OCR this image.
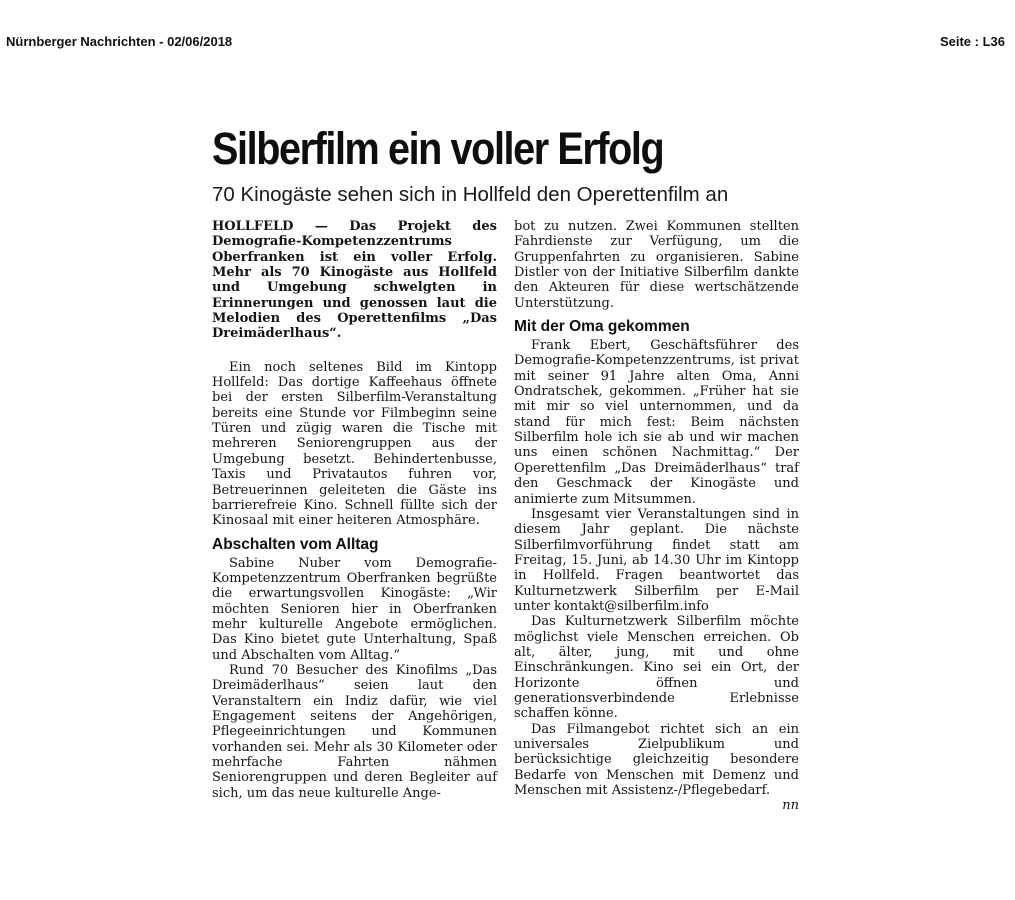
Nürnberger Nachrichten - 02/06/2018	Seite : L36
Silberfilm ein voller Erfolg
70 Kinogäste sehen sich in Hollfeld den Operettenfilm an

HOLLFELD — Das Projekt des Demografie-Kompetenzzentrums Oberfranken ist ein voller Erfolg. Mehr als 70 Kinogäste aus Hollfeld und Umgebung schwelgten in Erinnerungen und genossen laut die Melodien des Operettenfilms „Das Dreimäderlhaus“.

Ein noch seltenes Bild im Kintopp Hollfeld: Das dortige Kaffeehaus öffnete bei der ersten Silberfilm-Veranstaltung bereits eine Stunde vor Filmbeginn seine Türen und zügig waren die Tische mit mehreren Seniorengruppen aus der Umgebung besetzt. Behindertenbusse, Taxis und Privatautos fuhren vor, Betreuerinnen geleiteten die Gäste ins barrierefreie Kino. Schnell füllte sich der Kinosaal mit einer heiteren Atmosphäre.

Abschalten vom Alltag

Sabine Nuber vom Demografie-Kompetenzzentrum Oberfranken begrüßte die erwartungsvollen Kinogäste: „Wir möchten Senioren hier in Oberfranken mehr kulturelle Angebote ermöglichen. Das Kino bietet gute Unterhaltung, Spaß und Abschalten vom Alltag.“

Rund 70 Besucher des Kinofilms „Das Dreimäderlhaus“ seien laut den Veranstaltern ein Indiz dafür, wie viel Engagement seitens der Angehörigen, Pflegeeinrichtungen und Kommunen vorhanden sei. Mehr als 30 Kilometer oder mehrfache Fahrten nähmen Seniorengruppen und deren Begleiter auf sich, um das neue kulturelle Ange-

bot zu nutzen. Zwei Kommunen stellten Fahrdienste zur Verfügung, um die Gruppenfahrten zu organisieren. Sabine Distler von der Initiative Silberfilm dankte den Akteuren für diese wertschätzende Unterstützung.

Mit der Oma gekommen

Frank Ebert, Geschäftsführer des Demografie-Kompetenzzentrums, ist privat mit seiner 91 Jahre alten Oma, Anni Ondratschek, gekommen. „Früher hat sie mit mir so viel unternommen, und da stand für mich fest: Beim nächsten Silberfilm hole ich sie ab und wir machen uns einen schönen Nachmittag.“ Der Operettenfilm „Das Dreimäderlhaus“ traf den Geschmack der Kinogäste und animierte zum Mitsummen.

Insgesamt vier Veranstaltungen sind in diesem Jahr geplant. Die nächste Silberfilmvorführung findet statt am Freitag, 15. Juni, ab 14.30 Uhr im Kintopp in Hollfeld. Fragen beantwortet das Kulturnetzwerk Silberfilm per E-Mail unter kontakt@silberfilm.info

Das Kulturnetzwerk Silberfilm möchte möglichst viele Menschen erreichen. Ob alt, älter, jung, mit und ohne Einschränkungen. Kino sei ein Ort, der Horizonte öffnen und generationsverbindende Erlebnisse schaffen könne.

Das Filmangebot richtet sich an ein universales Zielpublikum und berücksichtige gleichzeitig besondere Bedarfe von Menschen mit Demenz und Menschen mit Assistenz-/Pflegebedarf.
nn
